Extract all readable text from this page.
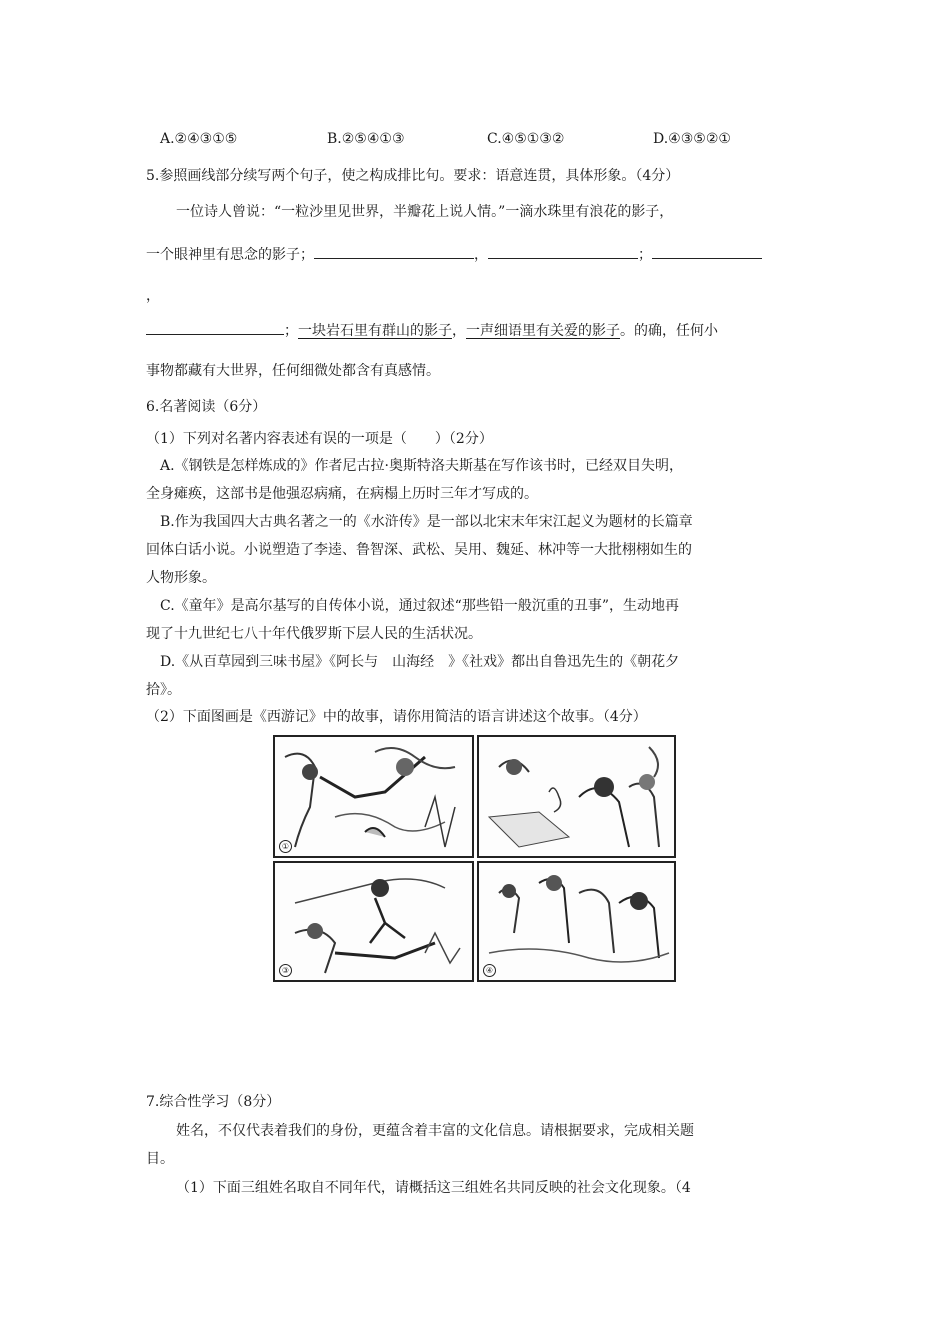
A.②④③①⑤	B.②⑤④①③	C.④⑤①③②	D.④③⑤②①
5.参照画线部分续写两个句子，使之构成排比句。要求：语意连贯，具体形象。（4分）
一位诗人曾说：“一粒沙里见世界，半瓣花上说人情。”一滴水珠里有浪花的影子，
一个眼神里有思念的影子；	，	；
，
；一块岩石里有群山的影子，一声细语里有关爱的影子。的确，任何小
事物都藏有大世界，任何细微处都含有真感情。
6.名著阅读（6分）
（1）下列对名著内容表述有误的一项是（　　）（2分）
A.《钢铁是怎样炼成的》作者尼古拉·奥斯特洛夫斯基在写作该书时，已经双目失明，
全身瘫痪，这部书是他强忍病痛，在病榻上历时三年才写成的。
B.作为我国四大古典名著之一的《水浒传》是一部以北宋末年宋江起义为题材的长篇章
回体白话小说。小说塑造了李逵、鲁智深、武松、吴用、魏延、林冲等一大批栩栩如生的
人物形象。
C.《童年》是高尔基写的自传体小说，通过叙述“那些铅一般沉重的丑事”，生动地再
现了十九世纪七八十年代俄罗斯下层人民的生活状况。
D.《从百草园到三味书屋》《阿长与　山海经　》《社戏》都出自鲁迅先生的《朝花夕
拾》。
（2）下面图画是《西游记》中的故事，请你用简洁的语言讲述这个故事。（4分）
①
③	④
7.综合性学习（8分）
姓名，不仅代表着我们的身份，更蕴含着丰富的文化信息。请根据要求，完成相关题
目。
（1）下面三组姓名取自不同年代，请概括这三组姓名共同反映的社会文化现象。（4
